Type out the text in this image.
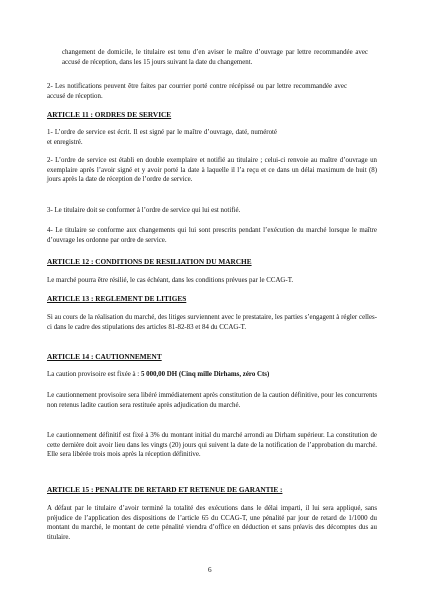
changement de domicile, le titulaire est tenu d’en aviser le maître d’ouvrage par lettre recommandée avec accusé de réception, dans les 15 jours suivant la date du changement.
2- Les notifications peuvent être faites par courrier porté contre récépissé ou par lettre recommandée avec accusé de réception.
ARTICLE 11 : ORDRES DE SERVICE
1- L’ordre de service est écrit. Il est signé par le maître d’ouvrage, daté, numéroté et enregistré.
2- L’ordre de service est établi en double exemplaire et notifié au titulaire ; celui-ci renvoie au maître d’ouvrage un exemplaire après l’avoir signé et y avoir porté la date à laquelle il l’a reçu et ce dans un délai maximum de huit (8) jours après la date de réception de l’ordre de service.
3- Le titulaire doit se conformer à l’ordre de service qui lui est notifié.
4- Le titulaire se conforme aux changements qui lui sont prescrits pendant l’exécution du marché lorsque le maître d’ouvrage les ordonne par ordre de service.
ARTICLE 12 : CONDITIONS DE RESILIATION DU MARCHE
Le marché pourra être résilié, le cas échéant, dans les conditions prévues par le CCAG-T.
ARTICLE 13 : REGLEMENT DE LITIGES
Si au cours de la réalisation du marché, des litiges surviennent avec le prestataire, les parties s’engagent à régler celles-ci dans le cadre des stipulations des articles 81-82-83 et 84 du CCAG-T.
ARTICLE 14 : CAUTIONNEMENT
La caution provisoire est fixée à : 5 000,00 DH (Cinq mille Dirhams, zéro Cts)
Le cautionnement provisoire sera libéré immédiatement après constitution de la caution définitive, pour les concurrents non retenus ladite caution sera restituée après adjudication du marché.
Le cautionnement définitif est fixé à 3% du montant initial du marché arrondi au Dirham supérieur. La constitution de cette dernière doit avoir lieu dans les vingts (20) jours qui suivent la date de la notification de l’approbation du marché. Elle sera libérée trois mois après la réception définitive.
ARTICLE 15 : PENALITE DE RETARD ET RETENUE DE GARANTIE :
A défaut par le titulaire d’avoir terminé la totalité des exécutions dans le délai imparti, il lui sera appliqué, sans préjudice de l’application des dispositions de l’article 65 du CCAG-T, une pénalité par jour de retard de 1/1000 du montant du marché, le montant de cette pénalité viendra d’office en déduction et sans préavis des décomptes dus au titulaire.
6
